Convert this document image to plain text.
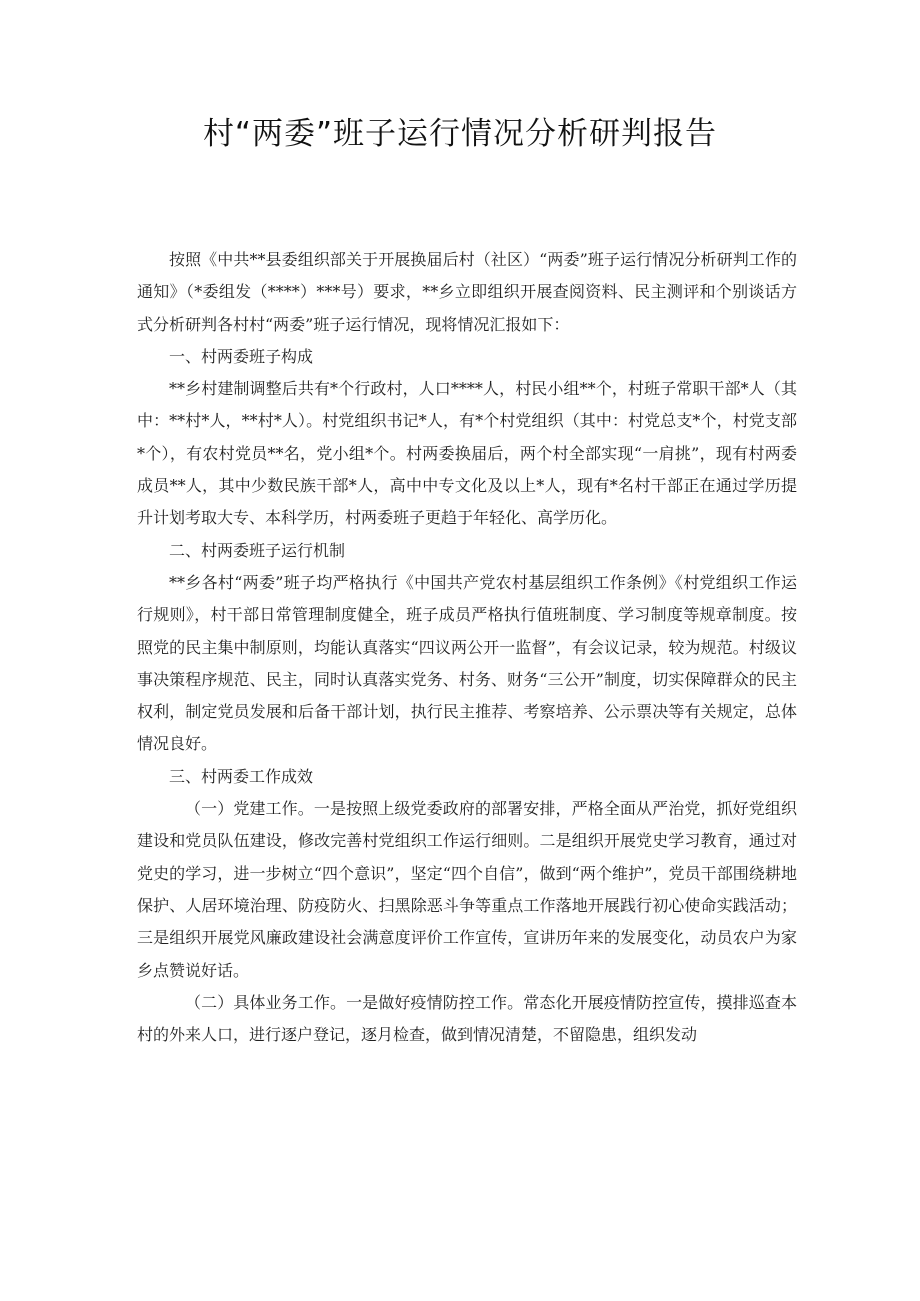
村“两委”班子运行情况分析研判报告

按照《中共**县委组织部关于开展换届后村（社区）“两委”班子运行情况分析研判工作的通知》（*委组发（****）***号）要求，**乡立即组织开展查阅资料、民主测评和个别谈话方式分析研判各村村“两委”班子运行情况，现将情况汇报如下：

一、村两委班子构成

**乡村建制调整后共有*个行政村，人口****人，村民小组**个，村班子常职干部*人（其中：**村*人，**村*人）。村党组织书记*人，有*个村党组织（其中：村党总支*个，村党支部*个），有农村党员**名，党小组*个。村两委换届后，两个村全部实现“一肩挑”，现有村两委成员**人，其中少数民族干部*人，高中中专文化及以上*人，现有*名村干部正在通过学历提升计划考取大专、本科学历，村两委班子更趋于年轻化、高学历化。

二、村两委班子运行机制

**乡各村“两委”班子均严格执行《中国共产党农村基层组织工作条例》《村党组织工作运行规则》，村干部日常管理制度健全，班子成员严格执行值班制度、学习制度等规章制度。按照党的民主集中制原则，均能认真落实“四议两公开一监督”，有会议记录，较为规范。村级议事决策程序规范、民主，同时认真落实党务、村务、财务“三公开”制度，切实保障群众的民主权利，制定党员发展和后备干部计划，执行民主推荐、考察培养、公示票决等有关规定，总体情况良好。

三、村两委工作成效

（一）党建工作。一是按照上级党委政府的部署安排，严格全面从严治党，抓好党组织建设和党员队伍建设，修改完善村党组织工作运行细则。二是组织开展党史学习教育，通过对党史的学习，进一步树立“四个意识”，坚定“四个自信”，做到“两个维护”，党员干部围绕耕地保护、人居环境治理、防疫防火、扫黑除恶斗争等重点工作落地开展践行初心使命实践活动；三是组织开展党风廉政建设社会满意度评价工作宣传，宣讲历年来的发展变化，动员农户为家乡点赞说好话。

（二）具体业务工作。一是做好疫情防控工作。常态化开展疫情防控宣传，摸排巡查本村的外来人口，进行逐户登记，逐月检查，做到情况清楚，不留隐患，组织发动
